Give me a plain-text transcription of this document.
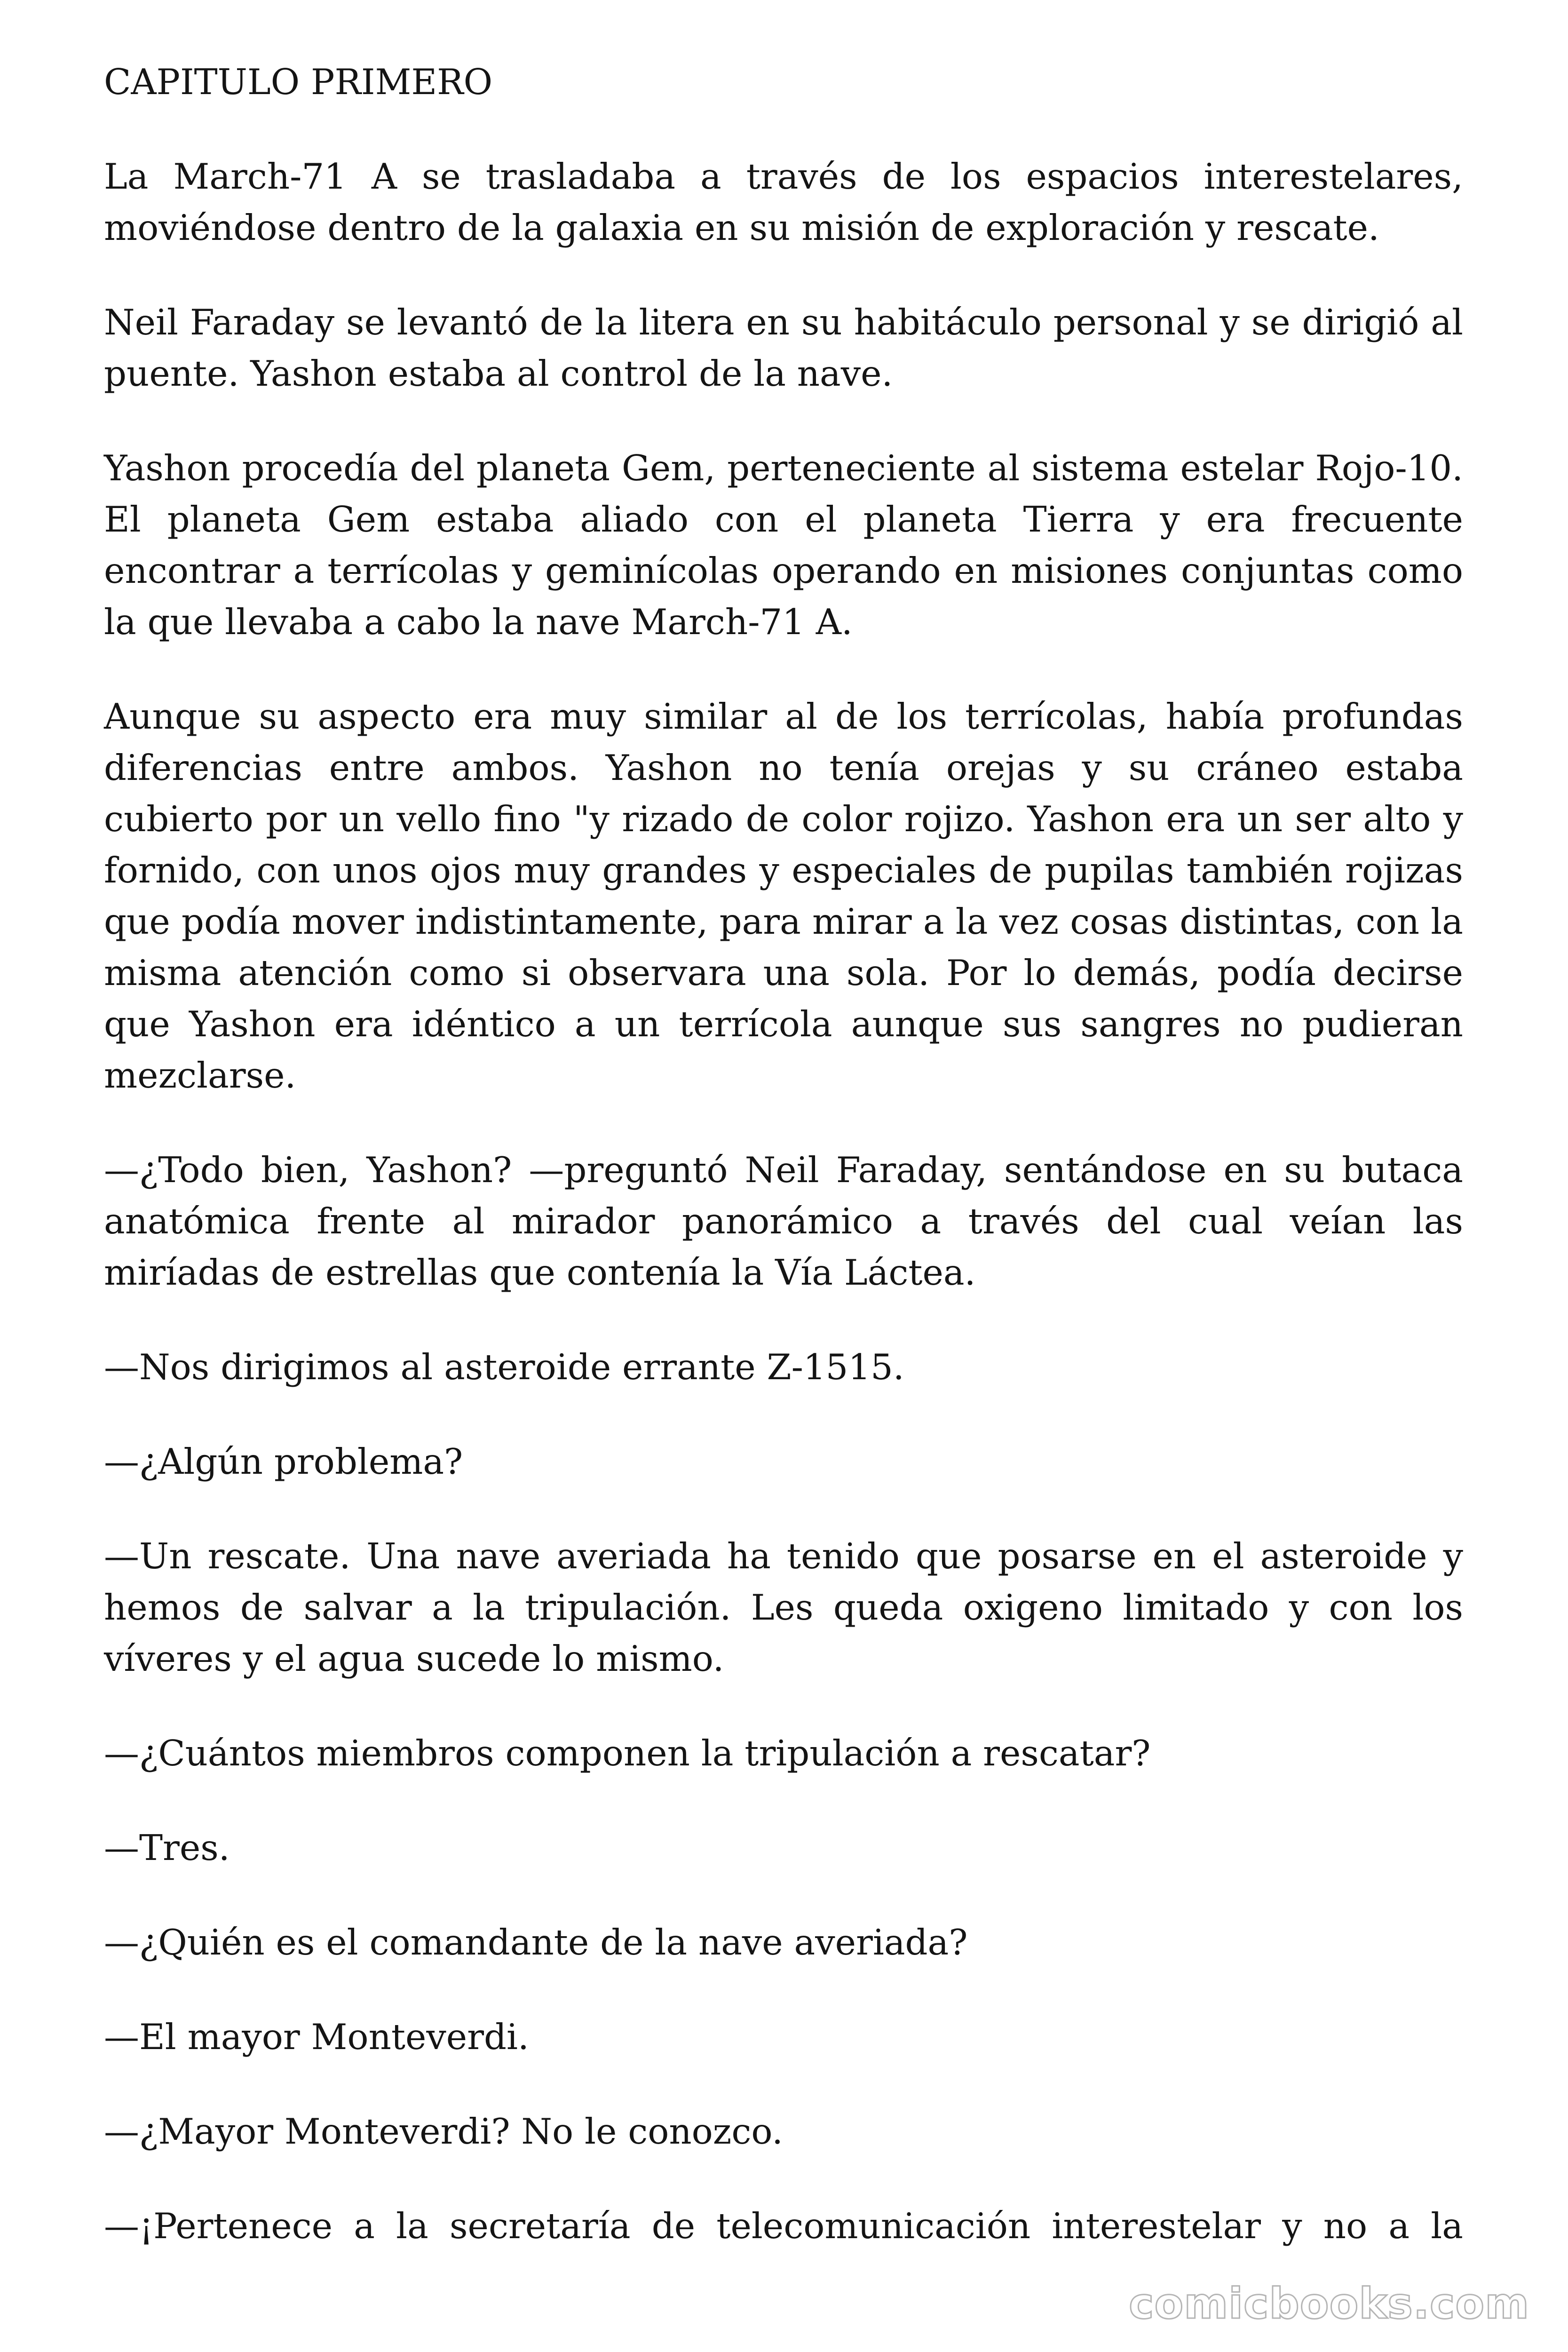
CAPITULO PRIMERO

La March-71 A se trasladaba a través de los espacios interestelares, moviéndose dentro de la galaxia en su misión de exploración y rescate.

Neil Faraday se levantó de la litera en su habitáculo personal y se dirigió al puente. Yashon estaba al control de la nave.

Yashon procedía del planeta Gem, perteneciente al sistema estelar Rojo-10. El planeta Gem estaba aliado con el planeta Tierra y era frecuente encontrar a terrícolas y geminícolas operando en misiones conjuntas como la que llevaba a cabo la nave March-71 A.

Aunque su aspecto era muy similar al de los terrícolas, había profundas diferencias entre ambos. Yashon no tenía orejas y su cráneo estaba cubierto por un vello fino "y rizado de color rojizo. Yashon era un ser alto y fornido, con unos ojos muy grandes y especiales de pupilas también rojizas que podía mover indistintamente, para mirar a la vez cosas distintas, con la misma atención como si observara una sola. Por lo demás, podía decirse que Yashon era idéntico a un terrícola aunque sus sangres no pudieran mezclarse.

—¿Todo bien, Yashon? —preguntó Neil Faraday, sentándose en su butaca anatómica frente al mirador panorámico a través del cual veían las miríadas de estrellas que contenía la Vía Láctea.

—Nos dirigimos al asteroide errante Z-1515.

—¿Algún problema?

—Un rescate. Una nave averiada ha tenido que posarse en el asteroide y hemos de salvar a la tripulación. Les queda oxigeno limitado y con los víveres y el agua sucede lo mismo.

—¿Cuántos miembros componen la tripulación a rescatar?

—Tres.

—¿Quién es el comandante de la nave averiada?

—El mayor Monteverdi.

—¿Mayor Monteverdi? No le conozco.

—¡Pertenece a la secretaría de telecomunicación interestelar y no a la

comicbooks.com
